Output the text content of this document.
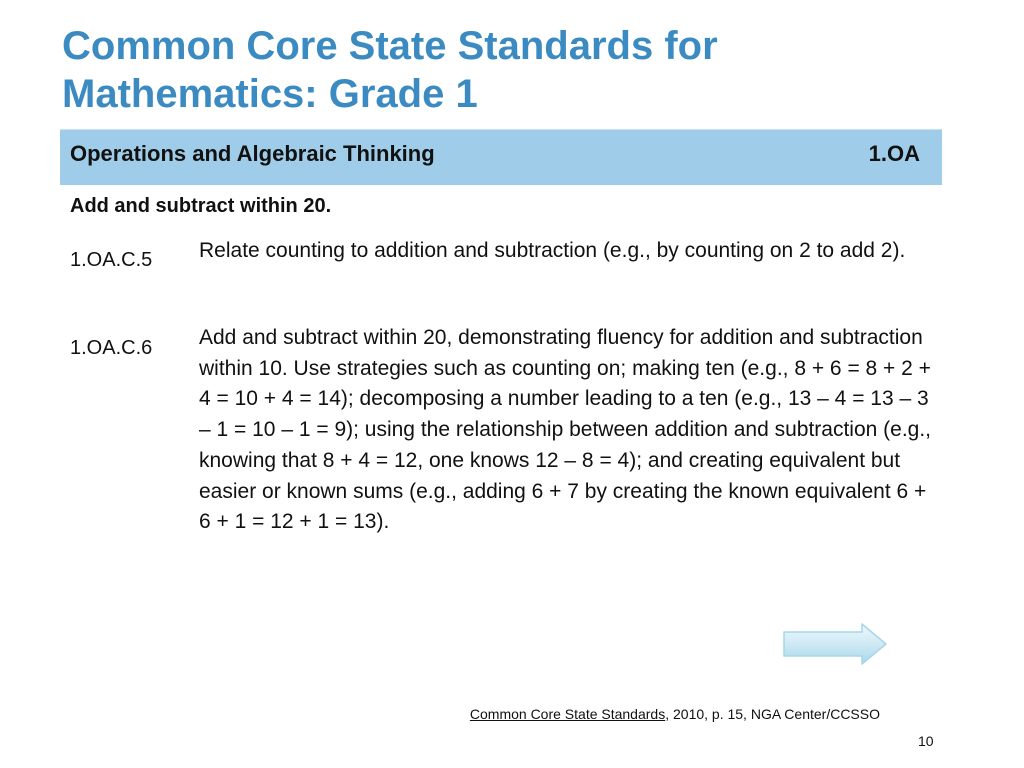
Common Core State Standards for Mathematics: Grade 1
Operations and Algebraic Thinking	1.OA
Add and subtract within 20.
1.OA.C.5 Relate counting to addition and subtraction (e.g., by counting on 2 to add 2).
1.OA.C.6 Add and subtract within 20, demonstrating fluency for addition and subtraction within 10. Use strategies such as counting on; making ten (e.g., 8 + 6 = 8 + 2 + 4 = 10 + 4 = 14); decomposing a number leading to a ten (e.g., 13 – 4 = 13 – 3 – 1 = 10 – 1 = 9); using the relationship between addition and subtraction (e.g., knowing that 8 + 4 = 12, one knows 12 – 8 = 4); and creating equivalent but easier or known sums (e.g., adding 6 + 7 by creating the known equivalent 6 + 6 + 1 = 12 + 1 = 13).
Common Core State Standards, 2010, p. 15, NGA Center/CCSSO
10
